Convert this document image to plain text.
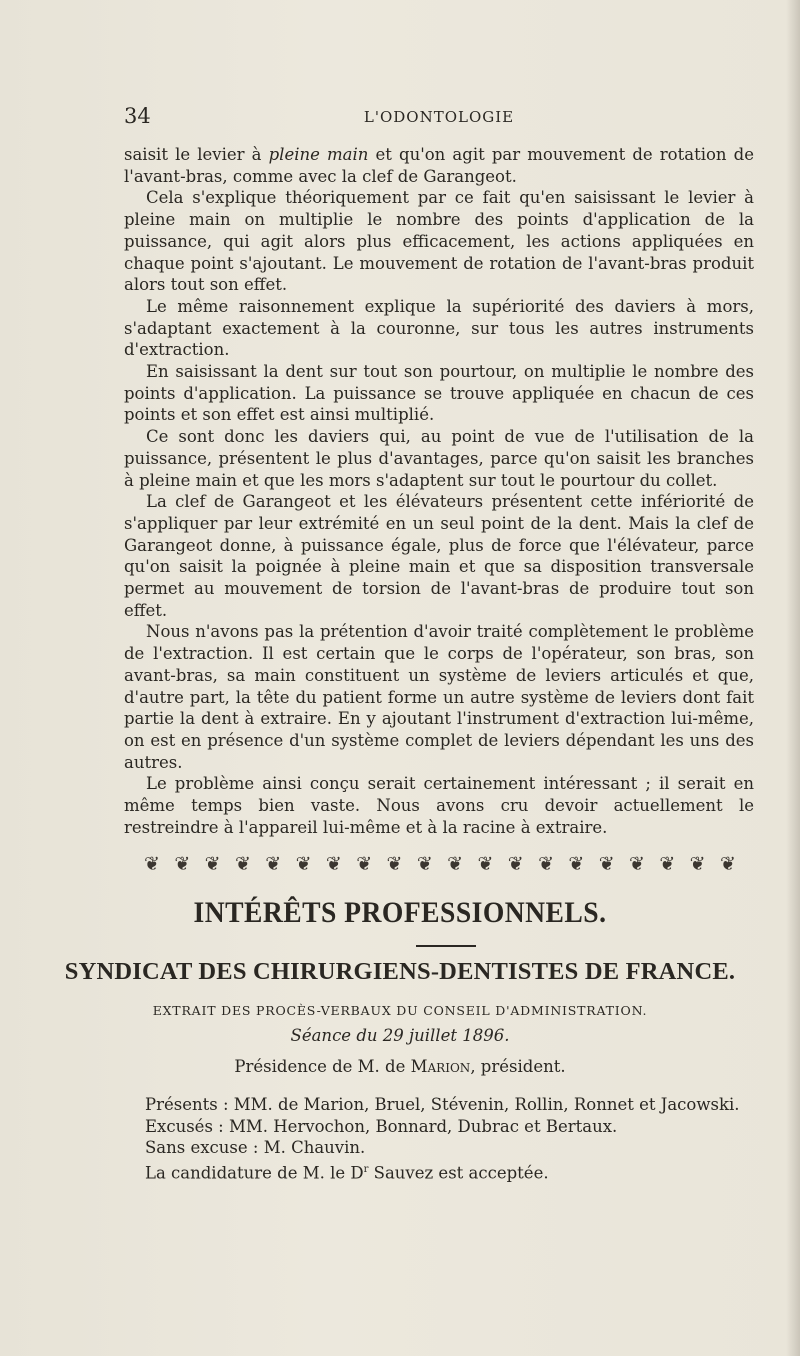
34	L'ODONTOLOGIE

saisit le levier à pleine main et qu'on agit par mouvement de rotation de l'avant-bras, comme avec la clef de Garangeot.

Cela s'explique théoriquement par ce fait qu'en saisissant le levier à pleine main on multiplie le nombre des points d'application de la puissance, qui agit alors plus efficacement, les actions appliquées en chaque point s'ajoutant. Le mouvement de rotation de l'avant-bras produit alors tout son effet.

Le même raisonnement explique la supériorité des daviers à mors, s'adaptant exactement à la couronne, sur tous les autres instruments d'extraction.

En saisissant la dent sur tout son pourtour, on multiplie le nombre des points d'application. La puissance se trouve appliquée en chacun de ces points et son effet est ainsi multiplié.

Ce sont donc les daviers qui, au point de vue de l'utilisation de la puissance, présentent le plus d'avantages, parce qu'on saisit les branches à pleine main et que les mors s'adaptent sur tout le pourtour du collet.

La clef de Garangeot et les élévateurs présentent cette infériorité de s'appliquer par leur extrémité en un seul point de la dent. Mais la clef de Garangeot donne, à puissance égale, plus de force que l'élévateur, parce qu'on saisit la poignée à pleine main et que sa disposition transversale permet au mouvement de torsion de l'avant-bras de produire tout son effet.

Nous n'avons pas la prétention d'avoir traité complètement le problème de l'extraction. Il est certain que le corps de l'opérateur, son bras, son avant-bras, sa main constituent un système de leviers articulés et que, d'autre part, la tête du patient forme un autre système de leviers dont fait partie la dent à extraire. En y ajoutant l'instrument d'extraction lui-même, on est en présence d'un système complet de leviers dépendant les uns des autres.

Le problème ainsi conçu serait certainement intéressant ; il serait en même temps bien vaste. Nous avons cru devoir actuellement le restreindre à l'appareil lui-même et à la racine à extraire.

❦ ❦ ❦ ❦ ❦ ❦ ❦ ❦ ❦ ❦ ❦ ❦ ❦ ❦ ❦ ❦ ❦ ❦ ❦ ❦
INTÉRÊTS PROFESSIONNELS.
SYNDICAT DES CHIRURGIENS-DENTISTES DE FRANCE.
EXTRAIT DES PROCÈS-VERBAUX DU CONSEIL D'ADMINISTRATION.
Séance du 29 juillet 1896.
Présidence de M. de Marion, président.
Présents : MM. de Marion, Bruel, Stévenin, Rollin, Ronnet et Jacowski.
Excusés : MM. Hervochon, Bonnard, Dubrac et Bertaux.
Sans excuse : M. Chauvin.
La candidature de M. le $D^r$ Sauvez est acceptée.
